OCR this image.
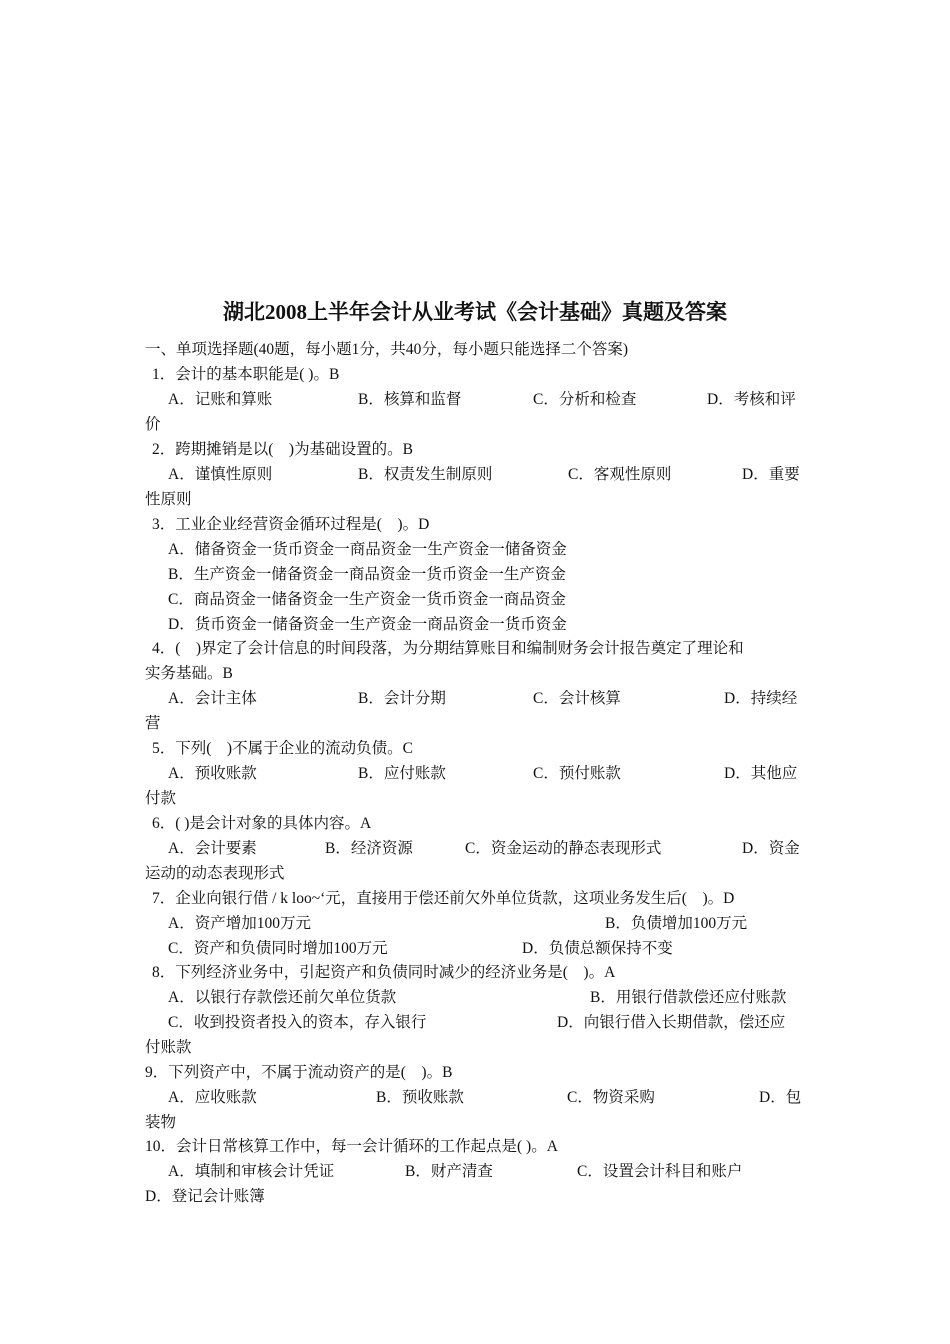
湖北2008上半年会计从业考试《会计基础》真题及答案
一、单项选择题(40题，每小题1分，共40分，每小题只能选择二个答案)
1．会计的基本职能是( )。B
A．记账和算账	B．核算和监督	C．分析和检查	D．考核和评
价
2．跨期摊销是以(　)为基础设置的。B
A．谨慎性原则	B．权责发生制原则	C．客观性原则	D．重要
性原则
3．工业企业经营资金循环过程是(　)。D
A．储备资金一货币资金一商品资金一生产资金一储备资金
B．生产资金一储备资金一商品资金一货币资金一生产资金
C．商品资金一储备资金一生产资金一货币资金一商品资金
D．货币资金一储备资金一生产资金一商品资金一货币资金
4．(　)界定了会计信息的时间段落，为分期结算账目和编制财务会计报告奠定了理论和
实务基础。B
A．会计主体	B．会计分期	C．会计核算	D．持续经
营
5．下列(　)不属于企业的流动负债。C
A．预收账款	B．应付账款	C．预付账款	D．其他应
付款
6．( )是会计对象的具体内容。A
A．会计要素	B．经济资源	C．资金运动的静态表现形式	D．资金
运动的动态表现形式
7．企业向银行借 / k loo~‘元，直接用于偿还前欠外单位货款，这项业务发生后(　)。D
A．资产增加100万元	B．负债增加100万元
C．资产和负债同时增加100万元	D．负债总额保持不变
8．下列经济业务中，引起资产和负债同时减少的经济业务是(　)。A
A．以银行存款偿还前欠单位货款	B．用银行借款偿还应付账款
C．收到投资者投入的资本，存入银行	D．向银行借入长期借款，偿还应
付账款
9．下列资产中，不属于流动资产的是(　)。B
A．应收账款	B．预收账款	C．物资采购	D．包
装物
10．会计日常核算工作中，每一会计循环的工作起点是( )。A
A．填制和审核会计凭证	B．财产清查	C．设置会计科目和账户
D．登记会计账簿
